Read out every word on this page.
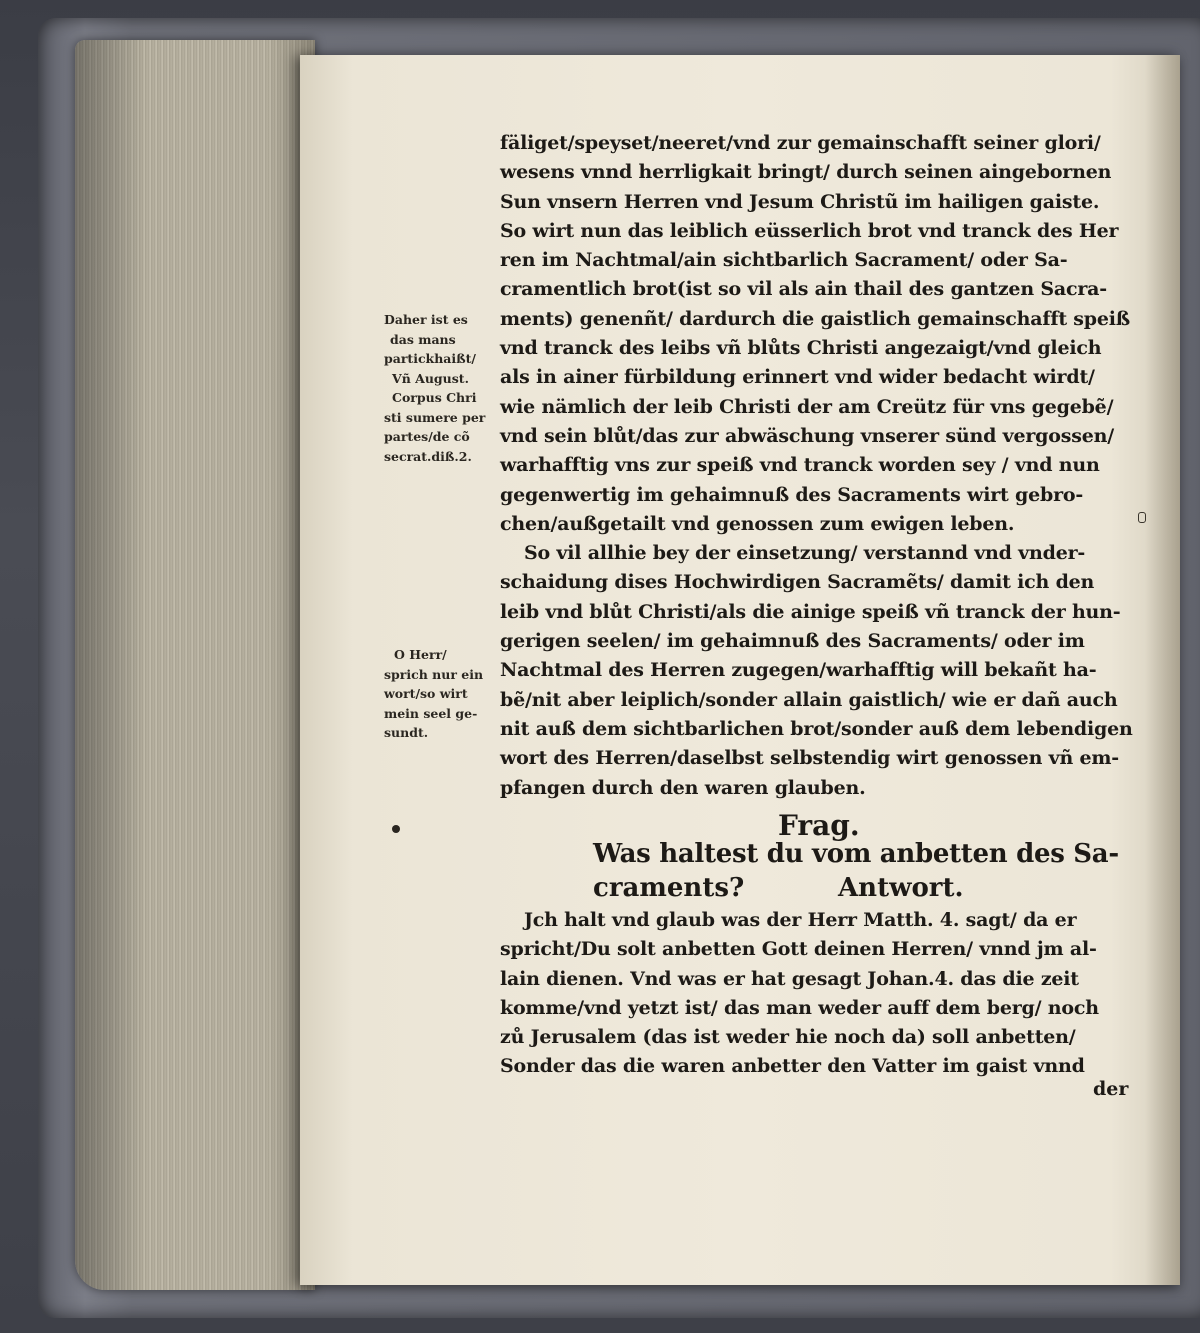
Daher ist es
das mans
partickhaißt/
Vñ August.
Corpus Chri
sti sumere per
partes/de cõ
secrat.diß.2.
O Herr/
sprich nur ein
wort/so wirt
mein seel ge-
sundt.
fäliget/speyset/neeret/vnd zur gemainschafft seiner glori/
wesens vnnd herrligkait bringt/ durch seinen aingebornen
Sun vnsern Herren vnd Jesum Christũ im hailigen gaiste.
So wirt nun das leiblich eüsserlich brot vnd tranck des Her
ren im Nachtmal/ain sichtbarlich Sacrament/ oder Sa-
cramentlich brot(ist so vil als ain thail des gantzen Sacra-
ments) genenñt/ dardurch die gaistlich gemainschafft speiß
vnd tranck des leibs vñ blůts Christi angezaigt/vnd gleich
als in ainer fürbildung erinnert vnd wider bedacht wirdt/
wie nämlich der leib Christi der am Creütz für vns gegebẽ/
vnd sein blůt/das zur abwäschung vnserer sünd vergossen/
warhafftig vns zur speiß vnd tranck worden sey / vnd nun
gegenwertig im gehaimnuß des Sacraments wirt gebro-
chen/außgetailt vnd genossen zum ewigen leben.
So vil allhie bey der einsetzung/ verstannd vnd vnder-
schaidung dises Hochwirdigen Sacramẽts/ damit ich den
leib vnd blůt Christi/als die ainige speiß vñ tranck der hun-
gerigen seelen/ im gehaimnuß des Sacraments/ oder im
Nachtmal des Herren zugegen/warhafftig will bekañt ha-
bẽ/nit aber leiplich/sonder allain gaistlich/ wie er dañ auch
nit auß dem sichtbarlichen brot/sonder auß dem lebendigen
wort des Herren/daselbst selbstendig wirt genossen vñ em-
pfangen durch den waren glauben.
Frag.
Was haltest du vom anbetten des Sa-
craments?	Antwort.
Jch halt vnd glaub was der Herr Matth. 4. sagt/ da er
spricht/Du solt anbetten Gott deinen Herren/ vnnd jm al-
lain dienen. Vnd was er hat gesagt Johan.4. das die zeit
komme/vnd yetzt ist/ das man weder auff dem berg/ noch
zů Jerusalem (das ist weder hie noch da) soll anbetten/
Sonder das die waren anbetter den Vatter im gaist vnnd
der
